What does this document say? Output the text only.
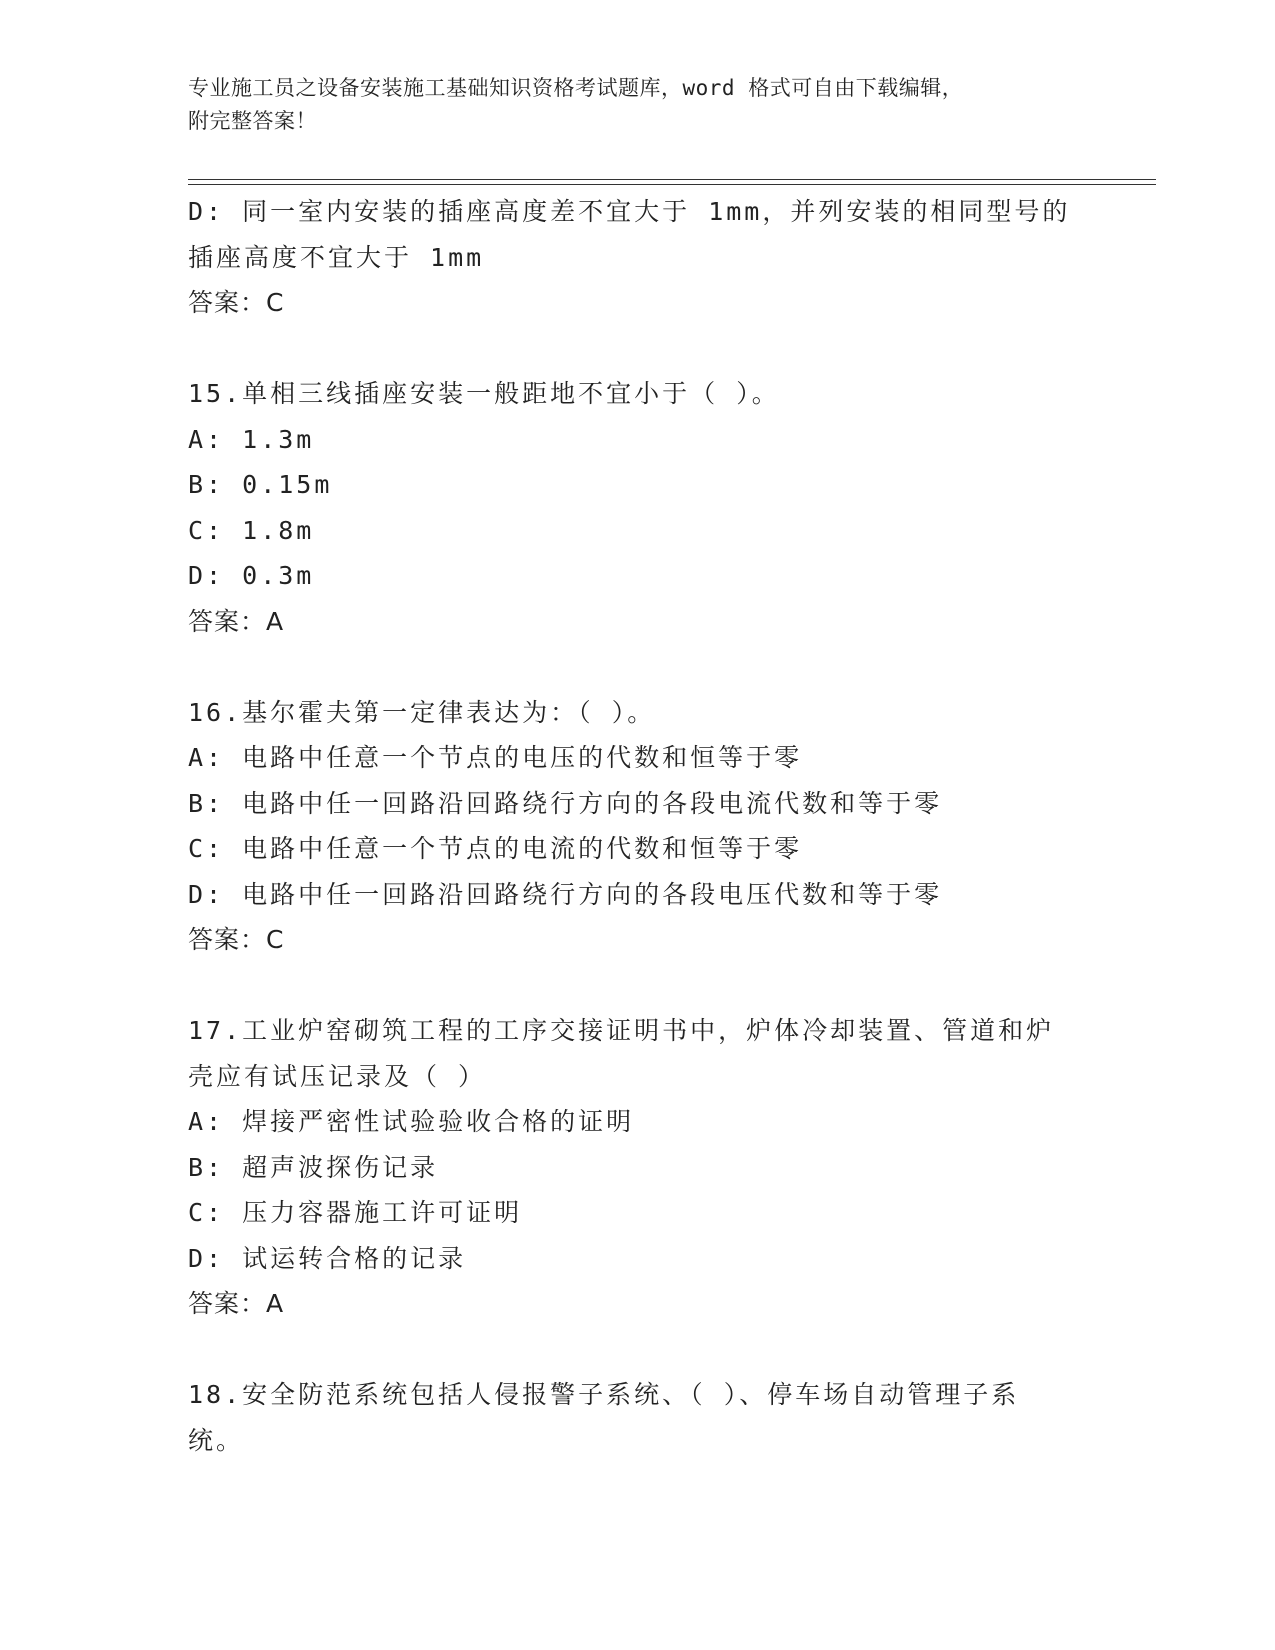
专业施工员之设备安装施工基础知识资格考试题库，word 格式可自由下载编辑，
附完整答案！
D: 同一室内安装的插座高度差不宜大于 1mm，并列安装的相同型号的
插座高度不宜大于 1mm
答案：C
15.单相三线插座安装一般距地不宜小于（ ）。
A: 1.3m
B: 0.15m
C: 1.8m
D: 0.3m
答案：A
16.基尔霍夫第一定律表达为：（ ）。
A: 电路中任意一个节点的电压的代数和恒等于零
B: 电路中任一回路沿回路绕行方向的各段电流代数和等于零
C: 电路中任意一个节点的电流的代数和恒等于零
D: 电路中任一回路沿回路绕行方向的各段电压代数和等于零
答案：C
17.工业炉窑砌筑工程的工序交接证明书中，炉体冷却装置、管道和炉
壳应有试压记录及（ ）
A: 焊接严密性试验验收合格的证明
B: 超声波探伤记录
C: 压力容器施工许可证明
D: 试运转合格的记录
答案：A
18.安全防范系统包括人侵报警子系统、（ ）、停车场自动管理子系
统。
